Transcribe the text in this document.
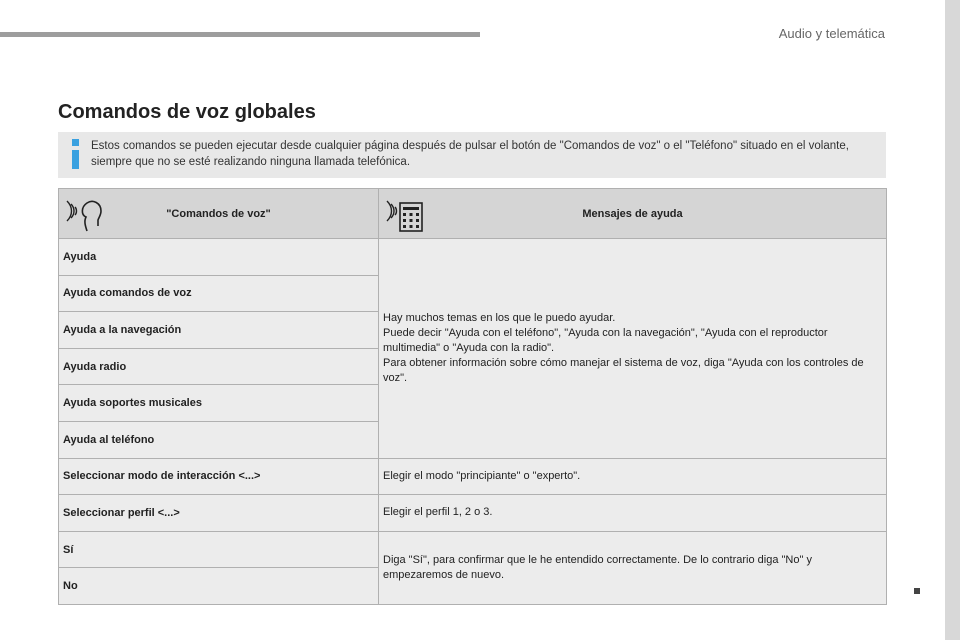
Audio y telemática
Comandos de voz globales
Estos comandos se pueden ejecutar desde cualquier página después de pulsar el botón de "Comandos de voz" o el "Teléfono" situado en el volante, siempre que no se esté realizando ninguna llamada telefónica.
"Comandos de voz"	Mensajes de ayuda

Ayuda	Hay muchos temas en los que le puedo ayudar.
Puede decir "Ayuda con el teléfono", "Ayuda con la navegación", "Ayuda con el reproductor multimedia" o "Ayuda con la radio".
Para obtener información sobre cómo manejar el sistema de voz, diga "Ayuda con los controles de voz".

Ayuda comandos de voz	
Ayuda a la navegación	
Ayuda radio	
Ayuda soportes musicales	
Ayuda al teléfono	
Seleccionar modo de interacción <...>	Elegir el modo "principiante" o "experto".
Seleccionar perfil <...>	Elegir el perfil 1, 2 o 3.
Sí	Diga "Sí", para confirmar que le he entendido correctamente. De lo contrario diga "No" y empezaremos de nuevo.
No	
